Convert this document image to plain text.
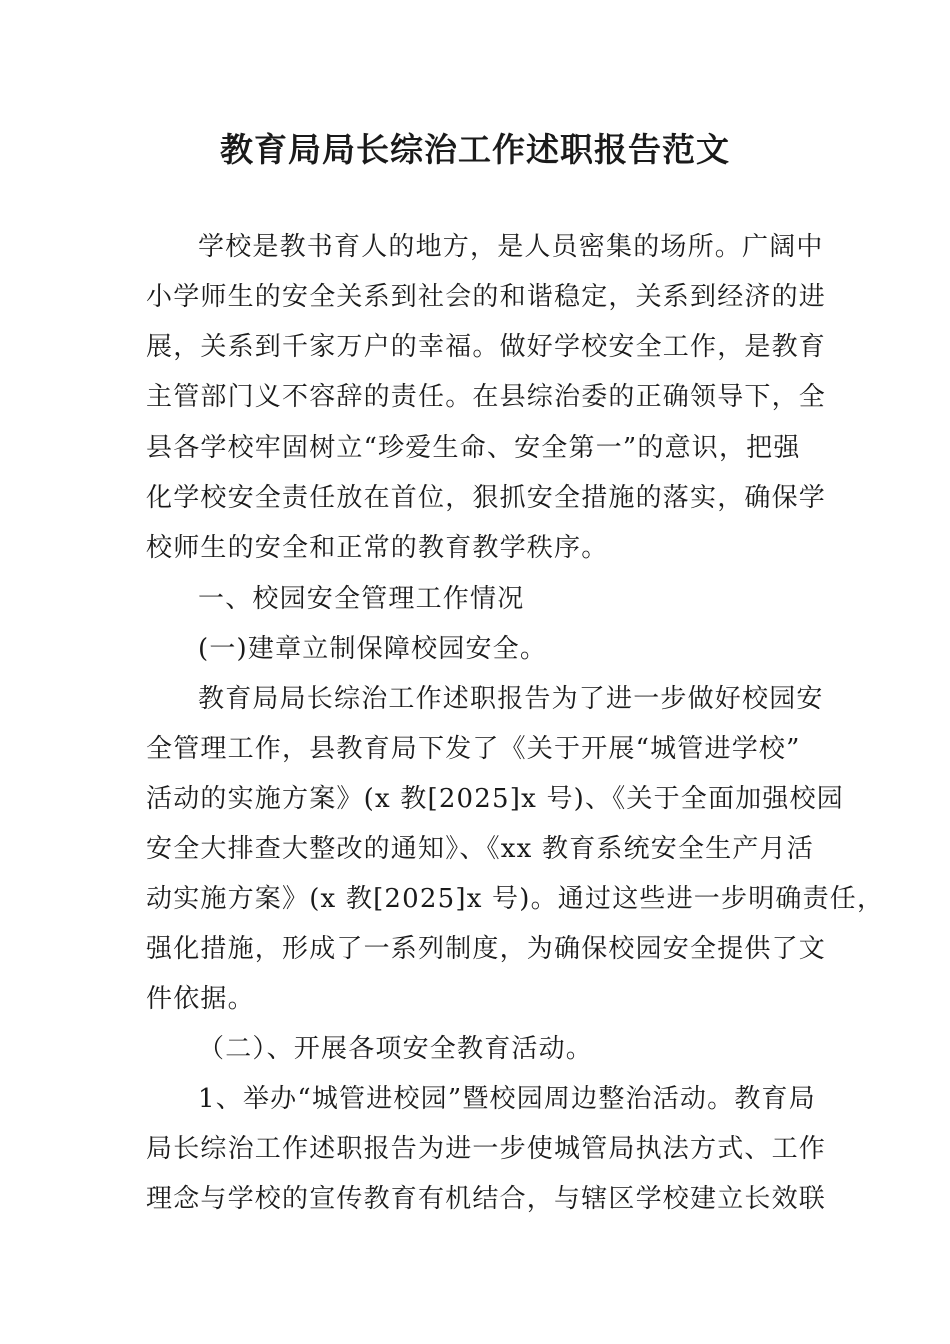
教育局局长综治工作述职报告范文

学校是教书育人的地方，是人员密集的场所。广阔中

小学师生的安全关系到社会的和谐稳定，关系到经济的进

展，关系到千家万户的幸福。做好学校安全工作，是教育

主管部门义不容辞的责任。在县综治委的正确领导下，全

县各学校牢固树立“珍爱生命、安全第一”的意识，把强

化学校安全责任放在首位，狠抓安全措施的落实，确保学

校师生的安全和正常的教育教学秩序。

一、校园安全管理工作情况

(一)建章立制保障校园安全。

教育局局长综治工作述职报告为了进一步做好校园安

全管理工作，县教育局下发了《关于开展“城管进学校”

活动的实施方案》(x 教[2025]x 号)、《关于全面加强校园

安全大排查大整改的通知》、《xx 教育系统安全生产月活

动实施方案》(x 教[2025]x 号)。通过这些进一步明确责任，

强化措施，形成了一系列制度，为确保校园安全提供了文

件依据。

（二）、开展各项安全教育活动。

1、举办“城管进校园”暨校园周边整治活动。教育局

局长综治工作述职报告为进一步使城管局执法方式、工作

理念与学校的宣传教育有机结合，与辖区学校建立长效联
